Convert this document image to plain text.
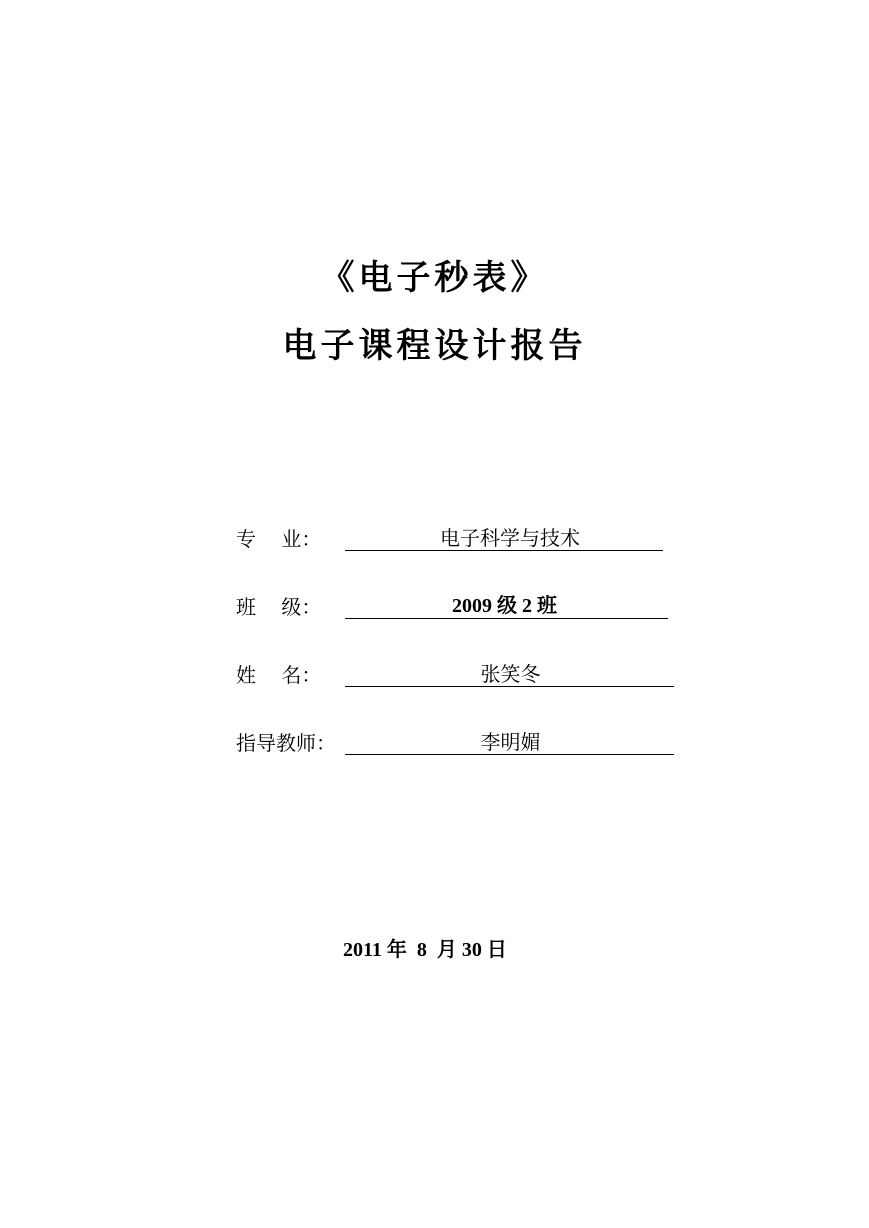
《电子秒表》
电子课程设计报告
专    业：	电子科学与技术
班    级：	2009 级 2 班
姓    名：	张笑冬
指导教师：	李明媚
2011 年  8  月 30 日
